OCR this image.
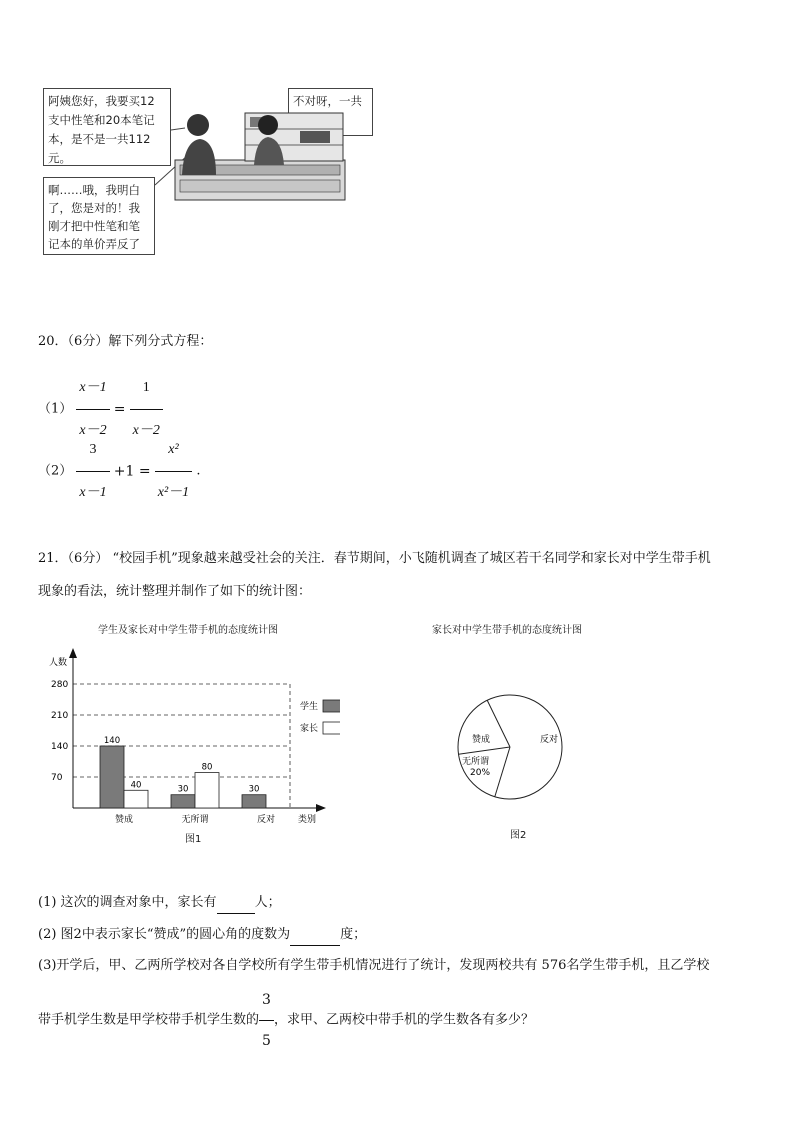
阿姨您好，我要买12
支中性笔和20本笔记
本，是不是一共112
元。
不对呀，一共
啊……哦，我明白
了，您是对的！我
刚才把中性笔和笔
记本的单价弄反了
20．（6分）解下列分式方程：
$(1) \frac{x-1}{x-2} = \frac{1}{x-2}$
$(2) \frac{3}{x-1} +1 = \frac{\text{x²}}{\text{x²－1}}$ .
21．（6分） “校园手机”现象越来越受社会的关注．春节期间，小飞随机调查了城区若干名同学和家长对中学生带手机
现象的看法，统计整理并制作了如下的统计图：
学生及家长对中学生带手机的态度统计图
70
140
210
280
人数
类别
140
40
赞成
30
80
无所谓
30
反对
学生
家长
图1
家长对中学生带手机的态度统计图
赞成
无所谓
20%
反对
图2
(1) 这次的调查对象中，家长有	人；
(2) 图2中表示家长“赞成”的圆心角的度数为	度；
(3)开学后，甲、乙两所学校对各自学校所有学生带手机情况进行了统计，发现两校共有 576名学生带手机，且乙学校
带手机学生数是甲学校带手机学生数的 $\frac{3}{5}$ ，求甲、乙两校中带手机的学生数各有多少？
